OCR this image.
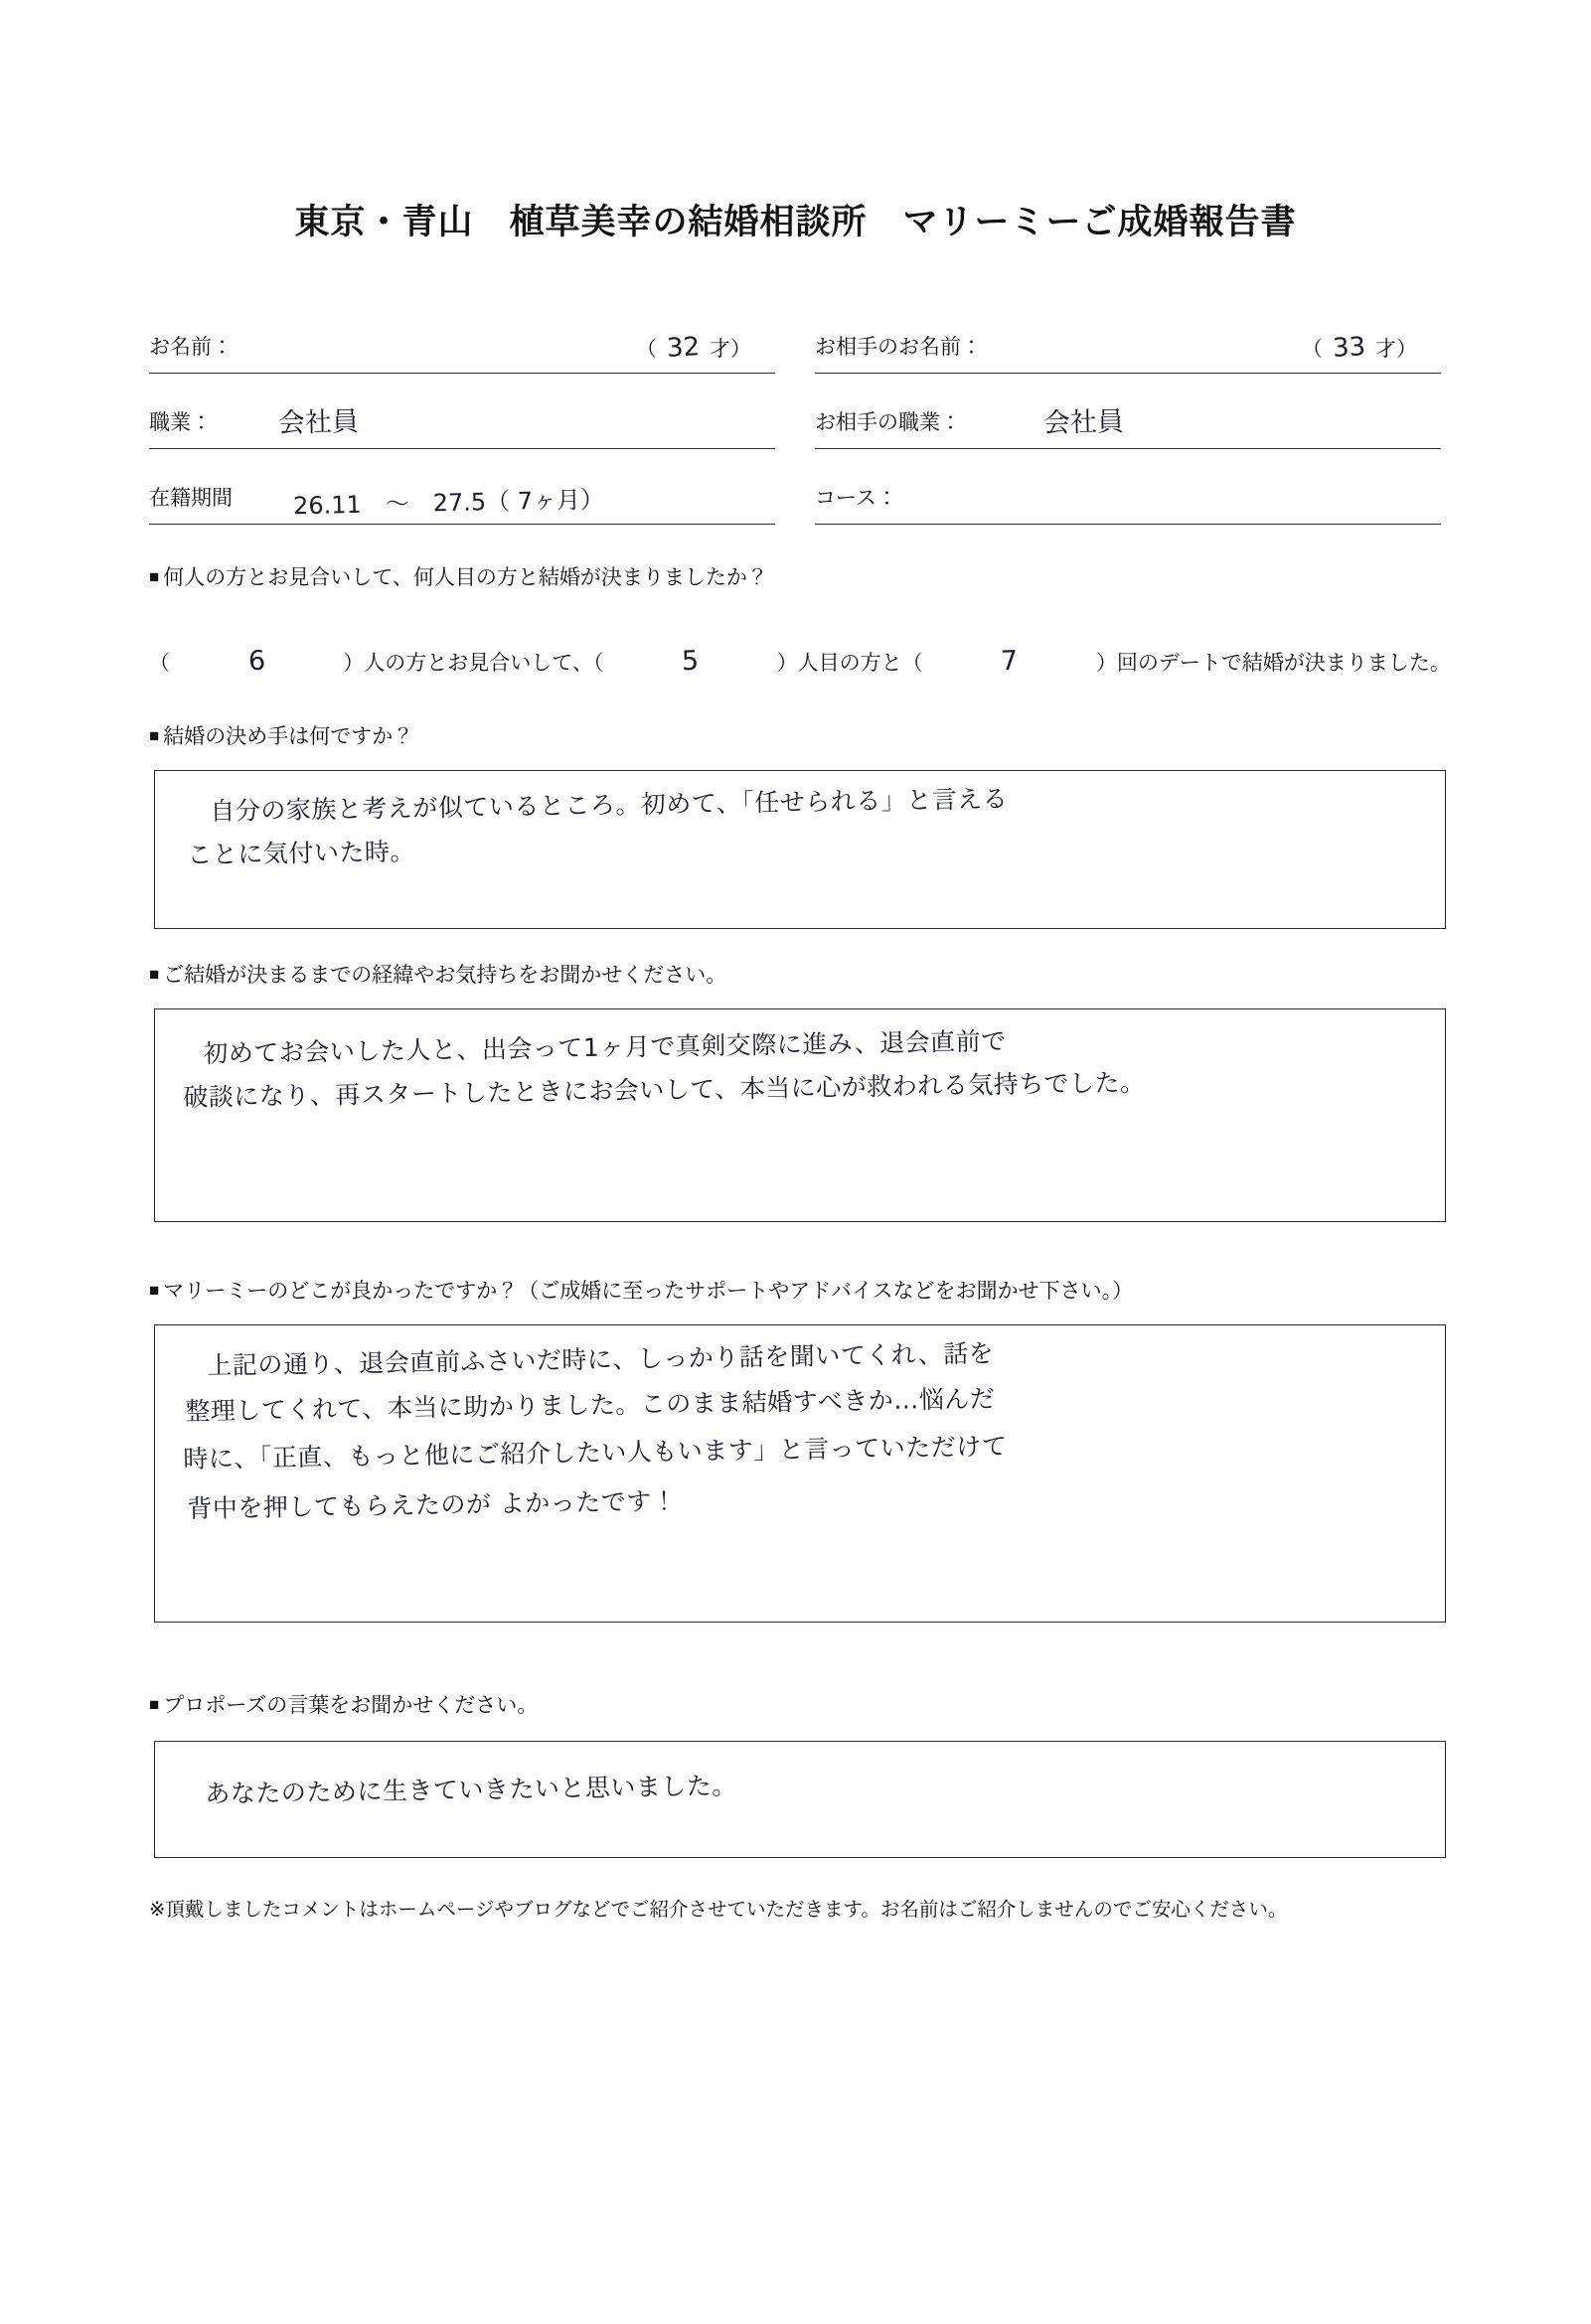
東京・青山　植草美幸の結婚相談所　マリーミーご成婚報告書
お名前：	（ 32 才）	お相手のお名前：	（ 33 才）
職業： 会社員	お相手の職業：	会社員
在籍期間	26.11　〜　27.5（ 7ヶ月）	コース：
■ 何人の方とお見合いして、何人目の方と結婚が決まりましたか？
（	6	）人の方とお見合いして、（	5	）人目の方と（	7	）回のデートで結婚が決まりました。
■ 結婚の決め手は何ですか？
自分の家族と考えが似ているところ。初めて、「任せられる」と言える
ことに気付いた時。
■ ご結婚が決まるまでの経緯やお気持ちをお聞かせください。
初めてお会いした人と、出会って1ヶ月で真剣交際に進み、退会直前で
破談になり、再スタートしたときにお会いして、本当に心が救われる気持ちでした。
■ マリーミーのどこが良かったですか？（ご成婚に至ったサポートやアドバイスなどをお聞かせ下さい。）
上記の通り、退会直前ふさいだ時に、しっかり話を聞いてくれ、話を
整理してくれて、本当に助かりました。このまま結婚すべきか…悩んだ
時に、「正直、もっと他にご紹介したい人もいます」と言っていただけて
背中を押してもらえたのが よかったです！
■ プロポーズの言葉をお聞かせください。
あなたのために生きていきたいと思いました。
※頂戴しましたコメントはホームページやブログなどでご紹介させていただきます。お名前はご紹介しませんのでご安心ください。
